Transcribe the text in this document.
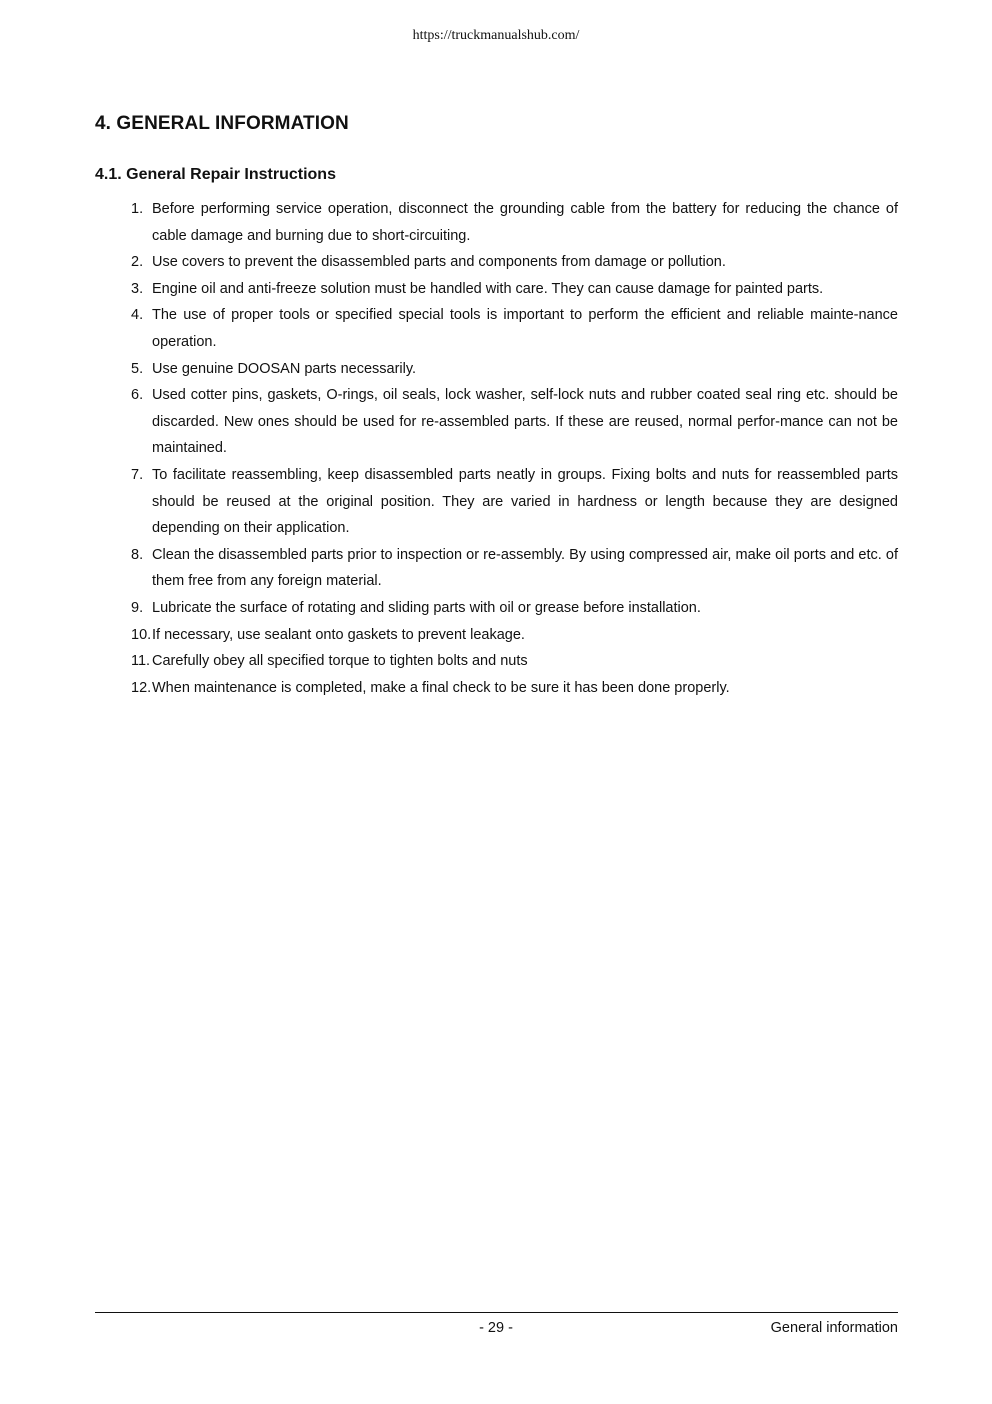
https://truckmanualshub.com/
4. GENERAL INFORMATION
4.1. General Repair Instructions
1. Before performing service operation, disconnect the grounding cable from the battery for reducing the chance of cable damage and burning due to short-circuiting.
2. Use covers to prevent the disassembled parts and components from damage or pollution.
3. Engine oil and anti-freeze solution must be handled with care. They can cause damage for painted parts.
4. The use of proper tools or specified special tools is important to perform the efficient and reliable mainte-nance operation.
5. Use genuine DOOSAN parts necessarily.
6. Used cotter pins, gaskets, O-rings, oil seals, lock washer, self-lock nuts and rubber coated seal ring etc. should be discarded. New ones should be used for re-assembled parts. If these are reused, normal perfor-mance can not be maintained.
7. To facilitate reassembling, keep disassembled parts neatly in groups. Fixing bolts and nuts for reassembled parts should be reused at the original position. They are varied in hardness or length because they are designed depending on their application.
8. Clean the disassembled parts prior to inspection or re-assembly. By using compressed air, make oil ports and etc. of them free from any foreign material.
9. Lubricate the surface of rotating and sliding parts with oil or grease before installation.
10. If necessary, use sealant onto gaskets to prevent leakage.
11. Carefully obey all specified torque to tighten bolts and nuts
12. When maintenance is completed, make a final check to be sure it has been done properly.
- 29 -	General information
